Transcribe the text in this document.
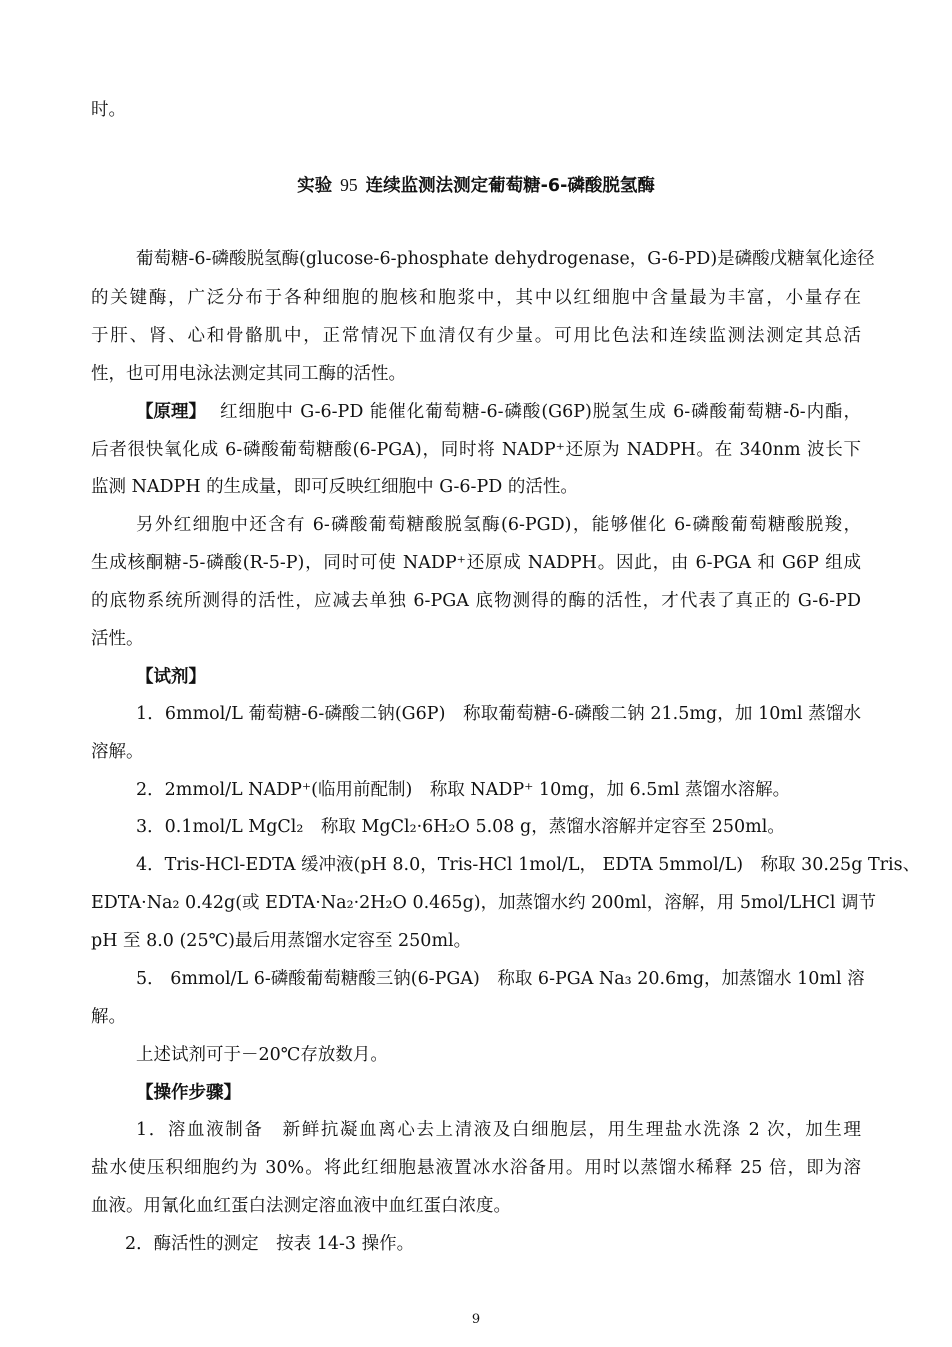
时。
实验 95 连续监测法测定葡萄糖-6-磷酸脱氢酶
葡萄糖-6-磷酸脱氢酶(glucose-6-phosphate dehydrogenase，G-6-PD)是磷酸戊糖氧化途径
的关键酶，广泛分布于各种细胞的胞核和胞浆中，其中以红细胞中含量最为丰富，小量存在
于肝、肾、心和骨骼肌中，正常情况下血清仅有少量。可用比色法和连续监测法测定其总活
性，也可用电泳法测定其同工酶的活性。
【原理】 红细胞中 G-6-PD 能催化葡萄糖-6-磷酸(G6P)脱氢生成 6-磷酸葡萄糖-δ-内酯，
后者很快氧化成 6-磷酸葡萄糖酸(6-PGA)，同时将 NADP⁺还原为 NADPH。在 340nm 波长下
监测 NADPH 的生成量，即可反映红细胞中 G-6-PD 的活性。
另外红细胞中还含有 6-磷酸葡萄糖酸脱氢酶(6-PGD)，能够催化 6-磷酸葡萄糖酸脱羧，
生成核酮糖-5-磷酸(R-5-P)，同时可使 NADP⁺还原成 NADPH。因此，由 6-PGA 和 G6P 组成
的底物系统所测得的活性，应减去单独 6-PGA 底物测得的酶的活性，才代表了真正的 G-6-PD
活性。
【试剂】
1．6mmol/L 葡萄糖-6-磷酸二钠(G6P)　称取葡萄糖-6-磷酸二钠 21.5mg，加 10ml 蒸馏水
溶解。
2．2mmol/L NADP⁺(临用前配制)　称取 NADP⁺ 10mg，加 6.5ml 蒸馏水溶解。
3．0.1mol/L MgCl₂　称取 MgCl₂·6H₂O 5.08 g，蒸馏水溶解并定容至 250ml。
4．Tris-HCl-EDTA 缓冲液(pH 8.0，Tris-HCl 1mol/L， EDTA 5mmol/L)　称取 30.25g Tris、
EDTA·Na₂ 0.42g(或 EDTA·Na₂·2H₂O 0.465g)，加蒸馏水约 200ml，溶解，用 5mol/LHCl 调节
pH 至 8.0 (25℃)最后用蒸馏水定容至 250ml。
5． 6mmol/L 6-磷酸葡萄糖酸三钠(6-PGA)　称取 6-PGA Na₃ 20.6mg，加蒸馏水 10ml 溶
解。
上述试剂可于－20℃存放数月。
【操作步骤】
1．溶血液制备　新鲜抗凝血离心去上清液及白细胞层，用生理盐水洗涤 2 次，加生理
盐水使压积细胞约为 30%。将此红细胞悬液置冰水浴备用。用时以蒸馏水稀释 25 倍，即为溶
血液。用氰化血红蛋白法测定溶血液中血红蛋白浓度。
2．酶活性的测定　按表 14-3 操作。
9
